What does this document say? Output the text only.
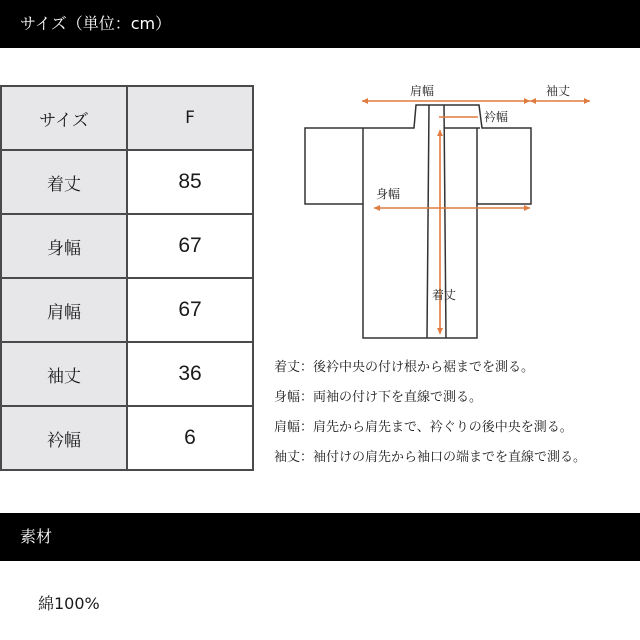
サイズ（単位：cm）
サイズ	F
着丈	85
身幅	67
肩幅	67
袖丈	36
衿幅	6
肩幅	袖丈
衿幅
身幅
着丈
着丈：後衿中央の付け根から裾までを測る。
身幅：両袖の付け下を直線で測る。
肩幅：肩先から肩先まで、衿ぐりの後中央を測る。
袖丈：袖付けの肩先から袖口の端までを直線で測る。
素材
綿100%
